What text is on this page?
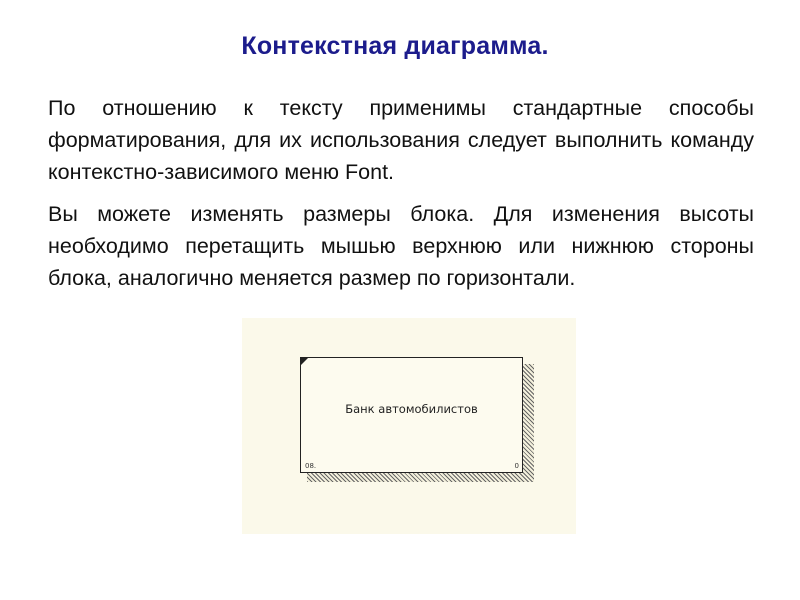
Контекстная диаграмма.

По отношению к тексту применимы стандартные способы форматирования, для их использования следует выполнить команду контекстно-зависимого меню Font.

Вы можете изменять размеры блока. Для изменения высоты необходимо перетащить мышью верхнюю или нижнюю стороны блока, аналогично меняется размер по горизонтали.

Банк автомобилистов
08.	0
